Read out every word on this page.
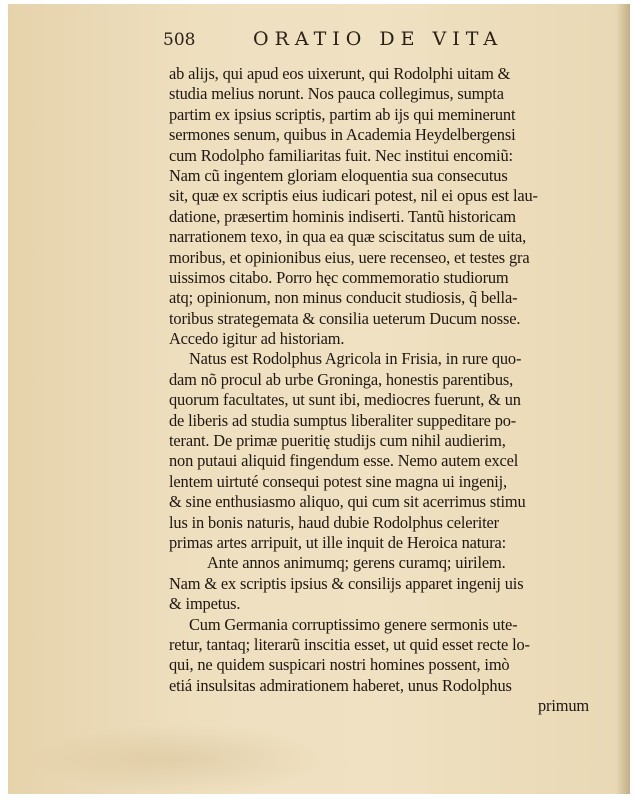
508	ORATIO DE VITA
ab alijs, qui apud eos uixerunt, qui Rodolphi uitam &
studia melius norunt. Nos pauca collegimus, sumpta
partim ex ipsius scriptis, partim ab ijs qui meminerunt
sermones senum, quibus in Academia Heydelbergensi
cum Rodolpho familiaritas fuit. Nec institui encomiũ:
Nam cũ ingentem gloriam eloquentia sua consecutus
sit, quæ ex scriptis eius iudicari potest, nil ei opus est lau-
datione, præsertim hominis indiserti. Tantũ historicam
narrationem texo, in qua ea quæ sciscitatus sum de uita,
moribus, et opinionibus eius, uere recenseo, et testes gra
uissimos citabo. Porro hęc commemoratio studiorum
atq; opinionum, non minus conducit studiosis, q̃ bella-
toribus strategemata & consilia ueterum Ducum nosse.
Accedo igitur ad historiam.
Natus est Rodolphus Agricola in Frisia, in rure quo-
dam nõ procul ab urbe Groninga, honestis parentibus,
quorum facultates, ut sunt ibi, mediocres fuerunt, & un
de liberis ad studia sumptus liberaliter suppeditare po-
terant. De primæ pueritię studijs cum nihil audierim,
non putaui aliquid fingendum esse. Nemo autem excel
lentem uirtuté consequi potest sine magna ui ingenij,
& sine enthusiasmo aliquo, qui cum sit acerrimus stimu
lus in bonis naturis, haud dubie Rodolphus celeriter
primas artes arripuit, ut ille inquit de Heroica natura:
Ante annos animumq; gerens curamq; uirilem.
Nam & ex scriptis ipsius & consilijs apparet ingenij uis
& impetus.
Cum Germania corruptissimo genere sermonis ute-
retur, tantaq; literarũ inscitia esset, ut quid esset recte lo-
qui, ne quidem suspicari nostri homines possent, imò
etiá insulsitas admirationem haberet, unus Rodolphus
primum
